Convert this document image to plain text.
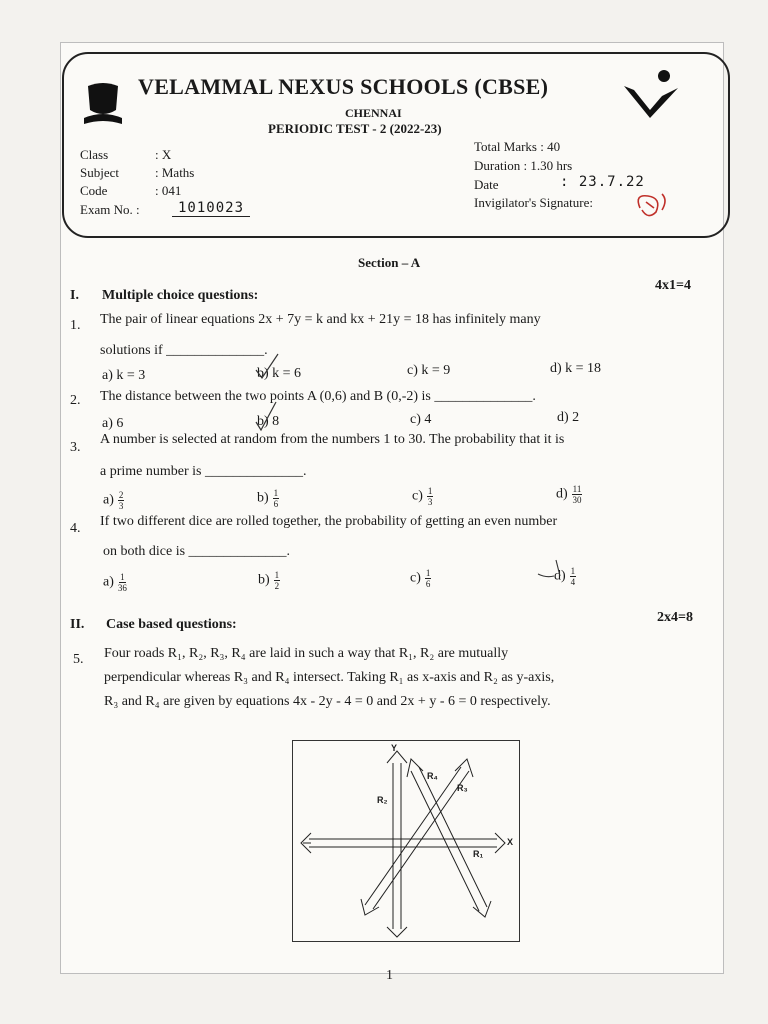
VELAMMAL NEXUS SCHOOLS (CBSE)
CHENNAI
PERIODIC TEST - 2 (2022-23)
Class	: X
Subject	: Maths
Code	: 041
Exam No. :	1010023
Total Marks : 40
Duration : 1.30 hrs
Date	: 23.7.22
Invigilator's Signature:
Section – A
I. Multiple choice questions:
4x1=4
1. The pair of linear equations 2x + 7y = k and kx + 21y = 18 has infinitely many
solutions if ______________.
a) k = 3	b) k = 6	c) k = 9	d) k = 18
2. The distance between the two points A (0,6) and B (0,-2) is ______________.
a) 6	b) 8	c) 4	d) 2
3.
A number is selected at random from the numbers 1 to 30. The probability that it is
a prime number is ______________.
$a) \frac{2}{3}$	$b) \frac{1}{6}$	$c) \frac{1}{3}$	$d) \frac{11}{30}$
4. If two different dice are rolled together, the probability of getting an even number
on both dice is ______________.
$a) \frac{1}{36}$	$b) \frac{1}{2}$	$c) \frac{1}{6}$	$d) \frac{1}{4}$
II. Case based questions:	2x4=8
5. Four roads R₁, R₂, R₃, R₄ are laid in such a way that R₁, R₂ are mutually
perpendicular whereas R₃ and R₄ intersect. Taking R₁ as x-axis and R₂ as y-axis,
R₃ and R₄ are given by equations 4x - 2y - 4 = 0 and 2x + y - 6 = 0 respectively.
Y
X
R₁
R₂
R₃
R₄
1
